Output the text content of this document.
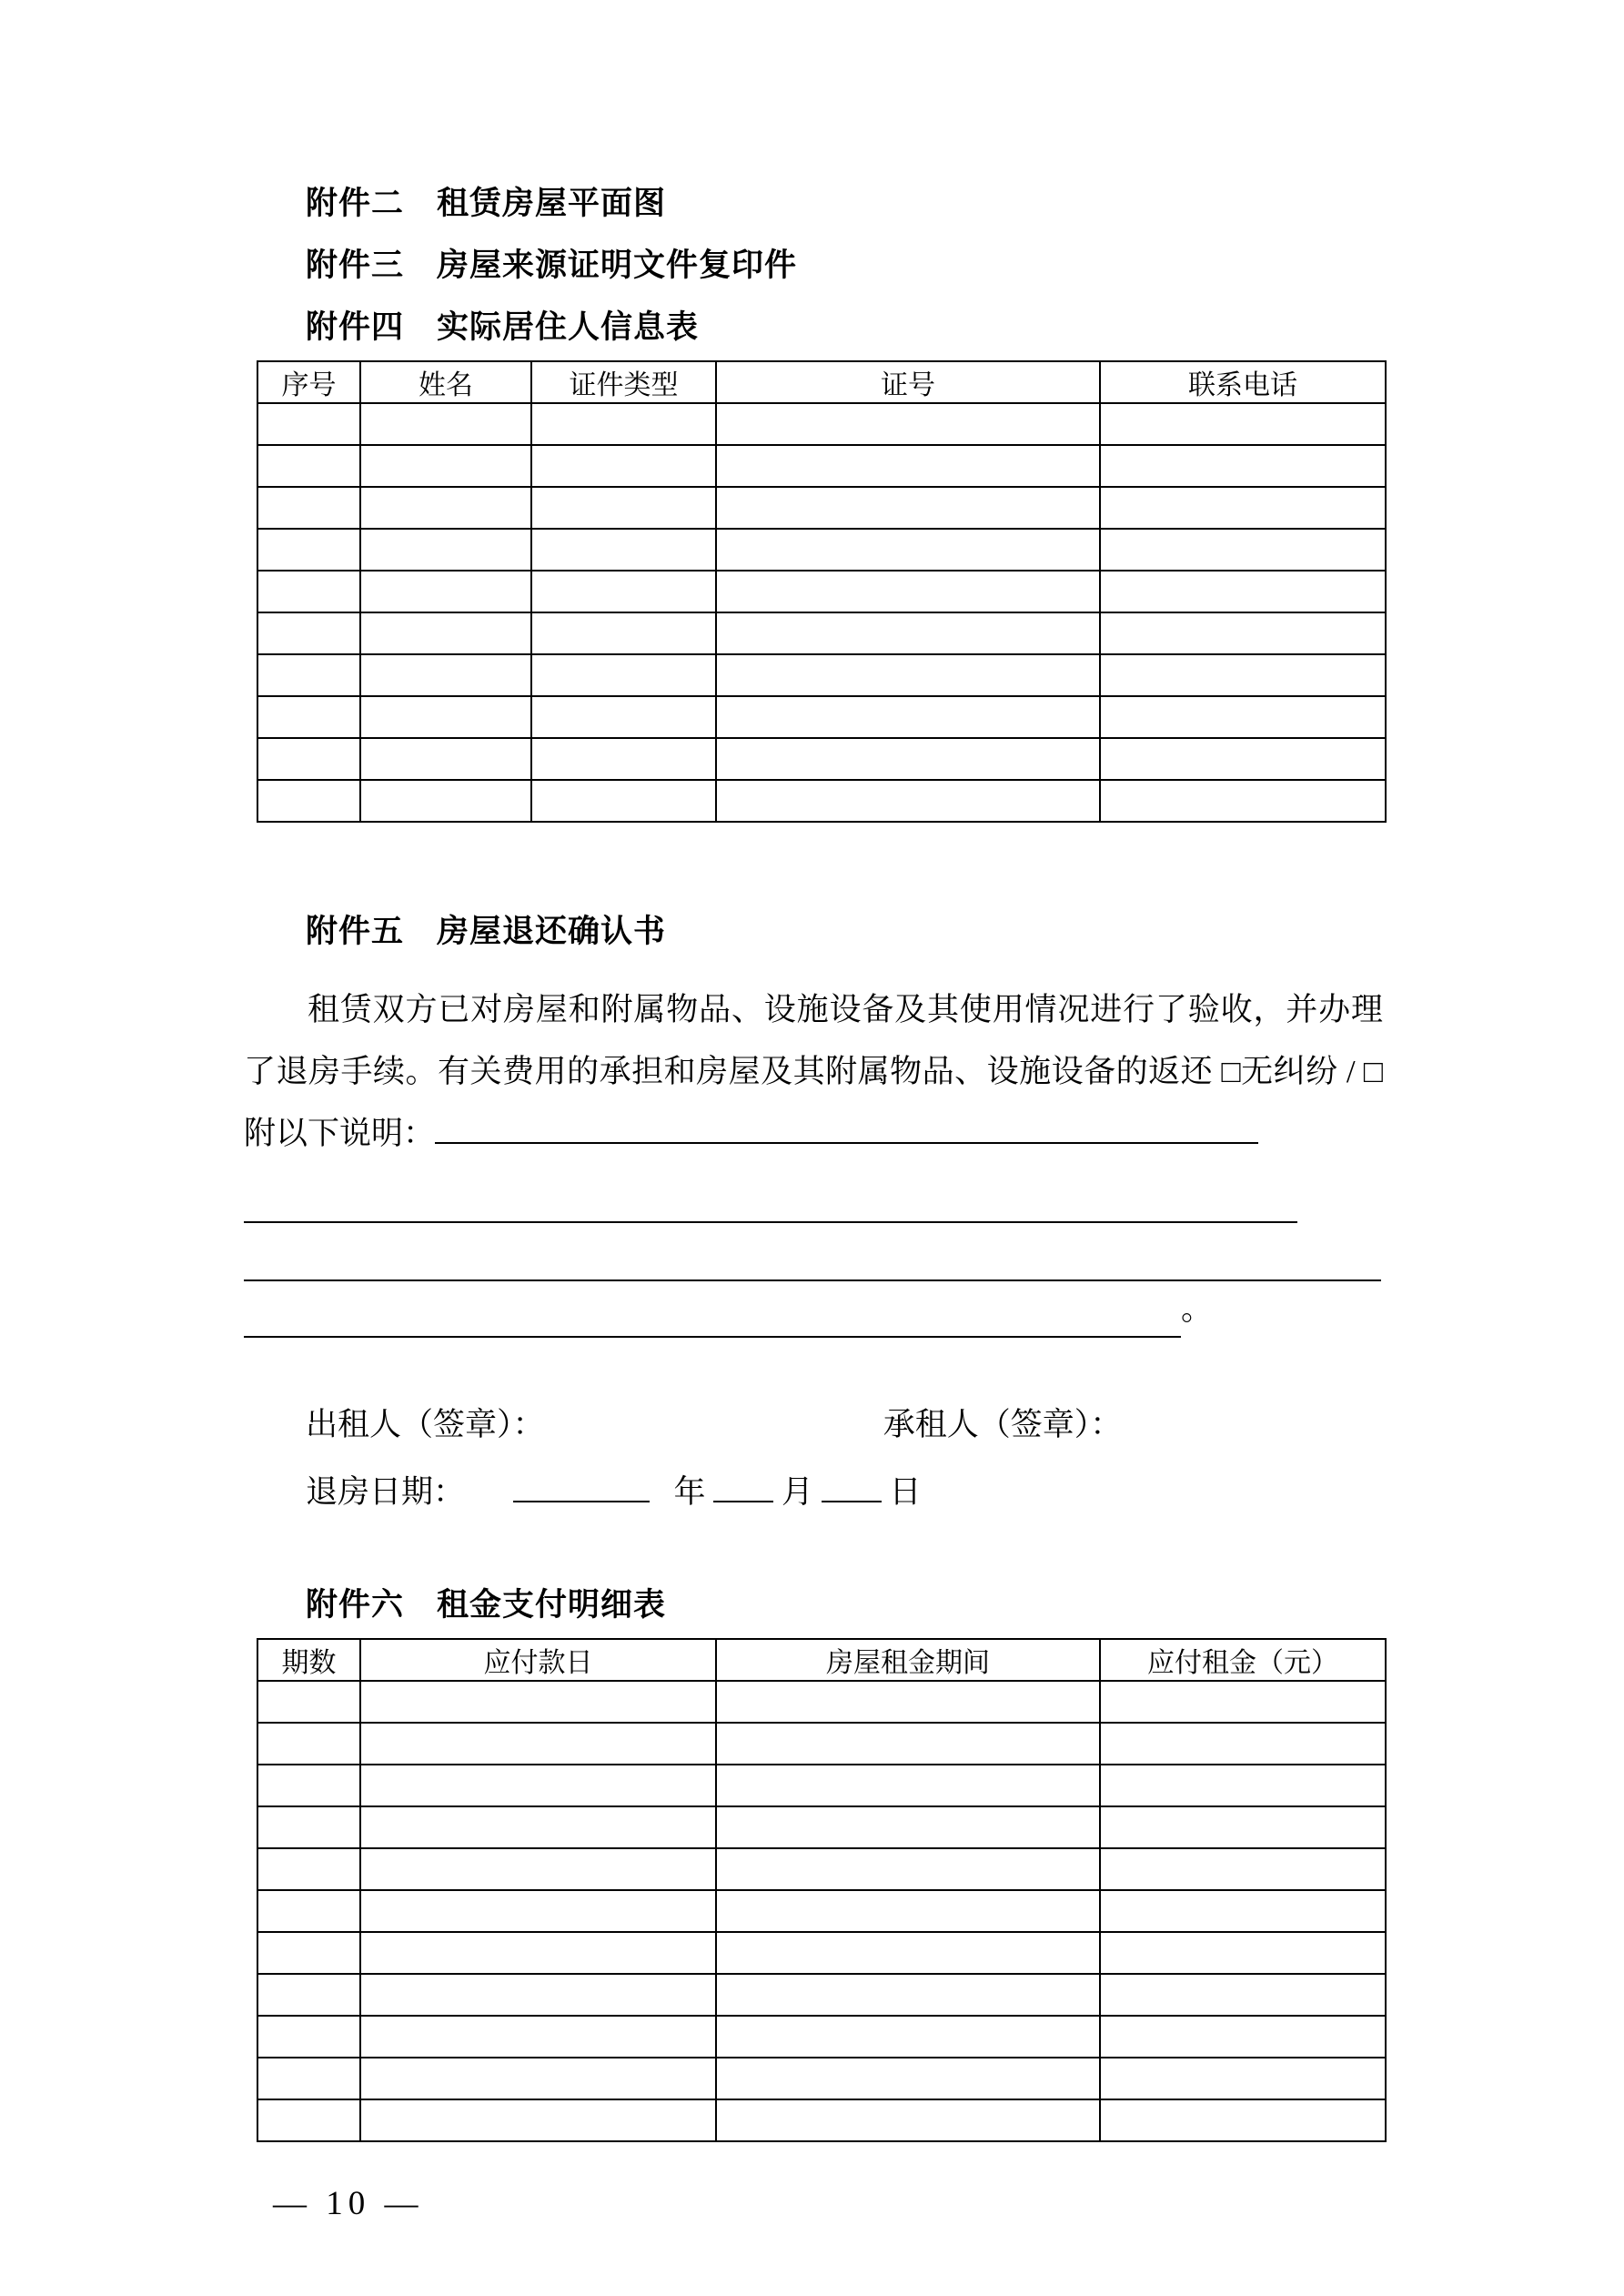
附件二　租赁房屋平面图
附件三　房屋来源证明文件复印件
附件四　实际居住人信息表
序号	姓名	证件类型	证号	联系电话

附件五　房屋退还确认书

租赁双方已对房屋和附属物品、设施设备及其使用情况进行了验收，并办理了退房手续。有关费用的承担和房屋及其附属物品、设施设备的返还 □无纠纷 / □附以下说明：

。
出租人（签章）：	承租人（签章）：
退房日期：	年 月 日
附件六　租金支付明细表
期数	应付款日	房屋租金期间	应付租金（元）

— 10 —
